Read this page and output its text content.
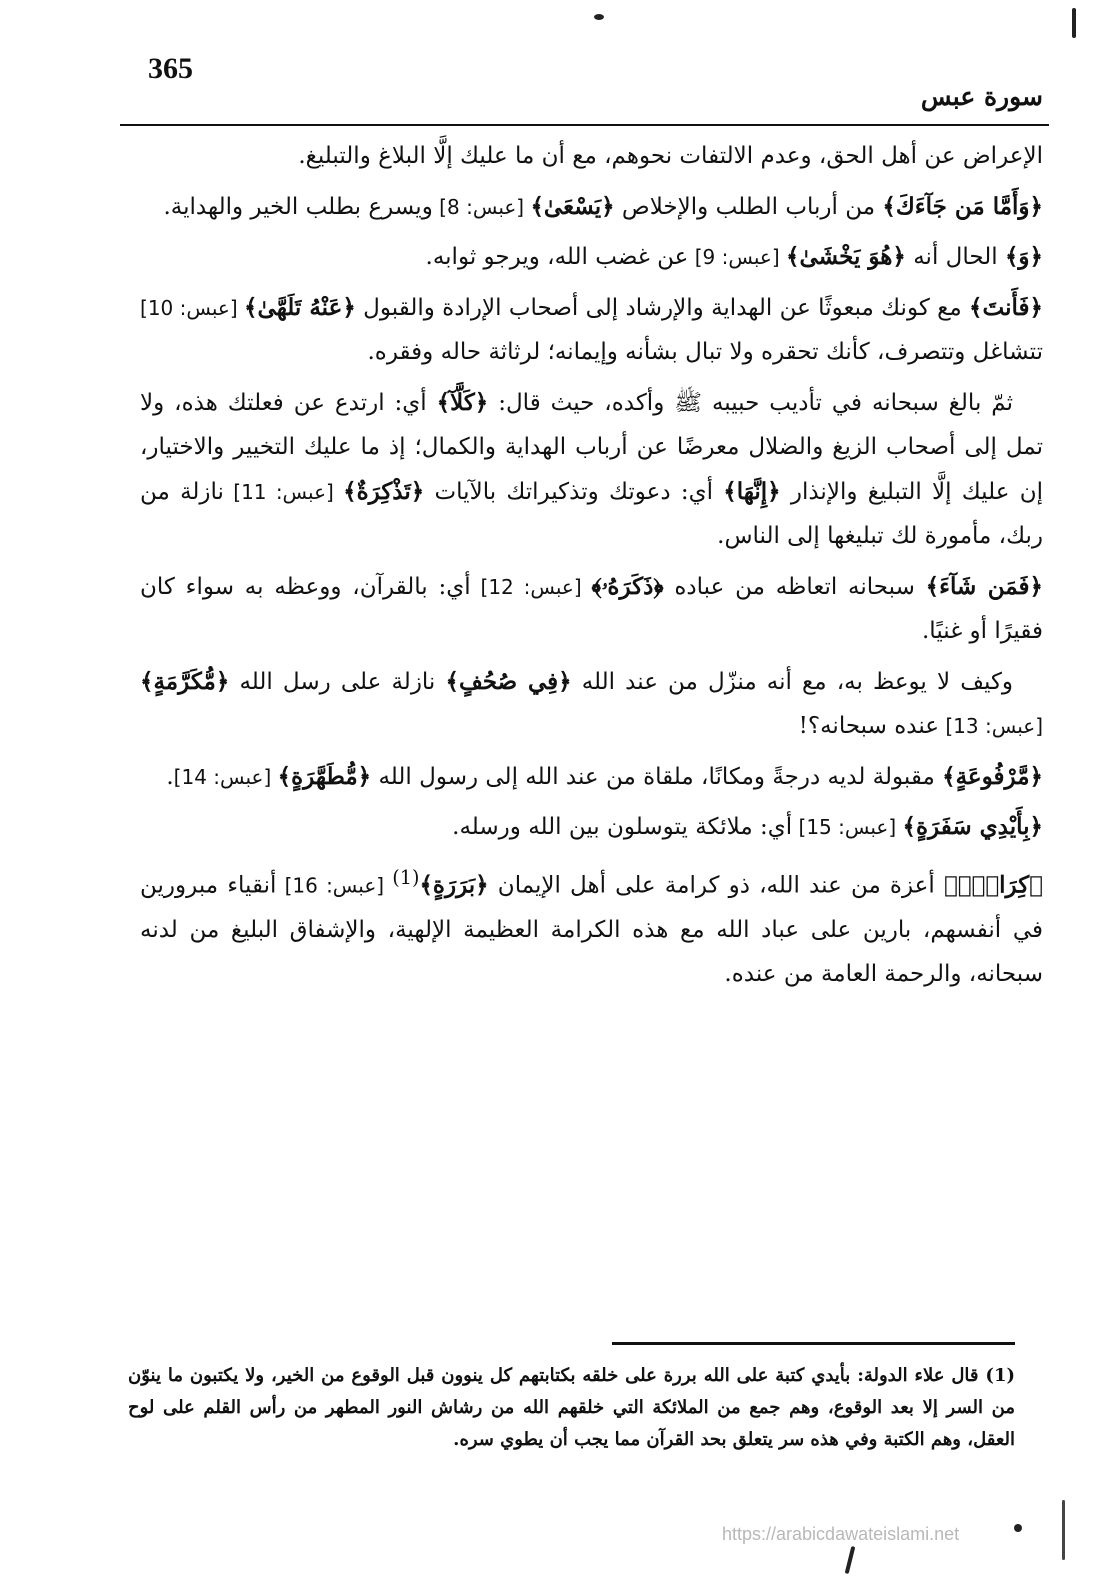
365
سورة عبس

الإعراض عن أهل الحق، وعدم الالتفات نحوهم، مع أن ما عليك إلَّا البلاغ والتبليغ.

﴿وَأَمَّا مَن جَآءَكَ﴾ من أرباب الطلب والإخلاص ﴿يَسْعَىٰ﴾ [عبس: 8] ويسرع بطلب الخير والهداية.

﴿وَ﴾ الحال أنه ﴿هُوَ يَخْشَىٰ﴾ [عبس: 9] عن غضب الله، ويرجو ثوابه.

﴿فَأَنتَ﴾ مع كونك مبعوثًا عن الهداية والإرشاد إلى أصحاب الإرادة والقبول ﴿عَنْهُ تَلَهَّىٰ﴾ [عبس: 10] تتشاغل وتتصرف، كأنك تحقره ولا تبال بشأنه وإيمانه؛ لرثاثة حاله وفقره.

ثمّ بالغ سبحانه في تأديب حبيبه ﷺ وأكده، حيث قال: ﴿كَلَّآ﴾ أي: ارتدع عن فعلتك هذه، ولا تمل إلى أصحاب الزيغ والضلال معرضًا عن أرباب الهداية والكمال؛ إذ ما عليك التخيير والاختيار، إن عليك إلَّا التبليغ والإنذار ﴿إِنَّهَا﴾ أي: دعوتك وتذكيراتك بالآيات ﴿تَذْكِرَةٌ﴾ [عبس: 11] نازلة من ربك، مأمورة لك تبليغها إلى الناس.

﴿فَمَن شَآءَ﴾ سبحانه اتعاظه من عباده ﴿ذَكَرَهُۥ﴾ [عبس: 12] أي: بالقرآن، ووعظه به سواء كان فقيرًا أو غنيًا.

وكيف لا يوعظ به، مع أنه منزّل من عند الله ﴿فِي صُحُفٍ﴾ نازلة على رسل الله ﴿مُّكَرَّمَةٍ﴾ [عبس: 13] عنده سبحانه؟!

﴿مَّرْفُوعَةٍ﴾ مقبولة لديه درجةً ومكانًا، ملقاة من عند الله إلى رسول الله ﴿مُّطَهَّرَةٍ﴾ [عبس: 14].

﴿بِأَيْدِي سَفَرَةٍ﴾ [عبس: 15] أي: ملائكة يتوسلون بين الله ورسله.

﴿كِرَامِۭ﴾ أعزة من عند الله، ذو كرامة على أهل الإيمان ﴿بَرَرَةٍ﴾$^{(1)}$ [عبس: 16] أنقياء مبرورين في أنفسهم، بارين على عباد الله مع هذه الكرامة العظيمة الإلهية، والإشفاق البليغ من لدنه سبحانه، والرحمة العامة من عنده.

(1) قال علاء الدولة: بأيدي كتبة على الله بررة على خلقه بكتابتهم كل ينوون قبل الوقوع من الخير، ولا يكتبون ما ينوّن من السر إلا بعد الوقوع، وهم جمع من الملائكة التي خلقهم الله من رشاش النور المطهر من رأس القلم على لوح العقل، وهم الكتبة وفي هذه سر يتعلق بحد القرآن مما يجب أن يطوي سره.

https://arabicdawateislami.net
